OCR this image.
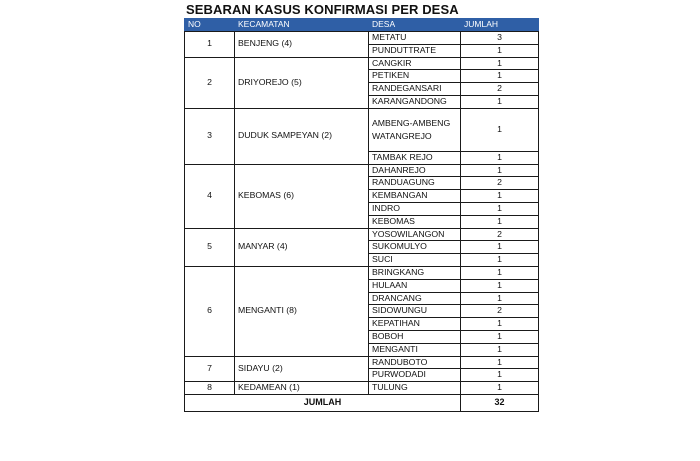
SEBARAN KASUS KONFIRMASI PER DESA
NO	KECAMATAN	DESA	JUMLAH
1	BENJENG (4)	METATU	3
		PUNDUTTRATE	1
2	DRIYOREJO (5)	CANGKIR	1
		PETIKEN	1
		RANDEGANSARI	2
		KARANGANDONG	1
3	DUDUK SAMPEYAN (2)	AMBENG-AMBENG WATANGREJO	1
		TAMBAK REJO	1
4	KEBOMAS (6)	DAHANREJO	1
		RANDUAGUNG	2
		KEMBANGAN	1
		INDRO	1
		KEBOMAS	1
5	MANYAR (4)	YOSOWILANGON	2
		SUKOMULYO	1
		SUCI	1
6	MENGANTI (8)	BRINGKANG	1
		HULAAN	1
		DRANCANG	1
		SIDOWUNGU	2
		KEPATIHAN	1
		BOBOH	1
		MENGANTI	1
7	SIDAYU (2)	RANDUBOTO	1
		PURWODADI	1
8	KEDAMEAN (1)	TULUNG	1
JUMLAH			32
